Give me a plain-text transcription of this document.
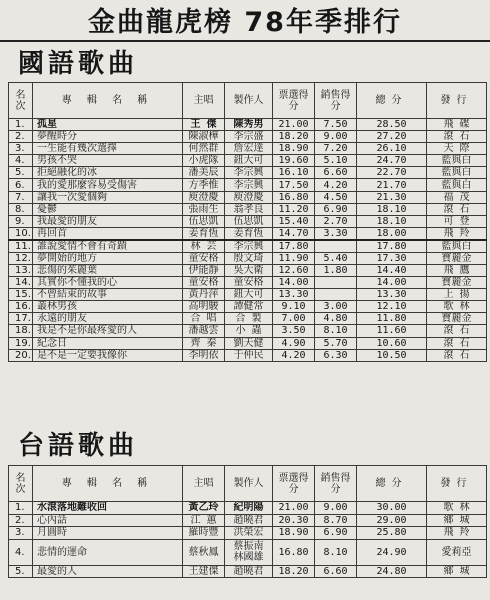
金曲龍虎榜 78年季排行
國語歌曲
名次	專 輯 名 稱	主唱	製作人	票選得分	銷售得分	總分	發行
1.	孤星	王 傑	陳秀男	21.00	7.50	28.50	飛 碟
2.	夢醒時分	陳淑樺	李宗盛	18.20	9.00	27.20	滾 石
3.	一生能有幾次選擇	何然群	詹宏達	18.90	7.20	26.10	天 際
4.	男孩不哭	小虎隊	鈕大可	19.60	5.10	24.70	藍與白
5.	拒絕融化的冰	潘美辰	李宗興	16.10	6.60	22.70	藍與白
6.	我的愛那麼容易受傷害	方季惟	李宗興	17.50	4.20	21.70	藍與白
7.	讓我一次愛個夠	庾澄慶	庾澄慶	16.80	4.50	21.30	福 茂
8.	憂鬱	張雨生	翁孝良	11.20	6.90	18.10	滾 石
9.	我最愛的朋友	伍思凱	伍思凱	15.40	2.70	18.10	可 登
10.	再回首	姜育恆	姜育恆	14.70	3.30	18.00	飛 羚
11.	誰說愛情不會有奇蹟	林 芸	李宗興	17.80		17.80	藍與白
12.	夢開始的地方	童安格	殷文琦	11.90	5.40	17.30	寶麗金
13.	悲傷的茱麗葉	伊能靜	吳大衛	12.60	1.80	14.40	飛 鷹
14.	其實你不懂我的心	童安格	童安格	14.00		14.00	寶麗金
15.	不曾結束的故事	黃丹萍	鈕大可	13.30		13.30	上 揚
16.	叢林男孩	高明駿	譚健常	9.10	3.00	12.10	歌 林
17.	永遠的朋友	合 唱	合 製	7.00	4.80	11.80	寶麗金
18.	我是不是你最疼愛的人	潘越雲	小 蟲	3.50	8.10	11.60	滾 石
19.	紀念日	齊 秦	劉天健	4.90	5.70	10.60	滾 石
20.	是不是一定要我像你	李明依	于仲民	4.20	6.30	10.50	滾 石
台語歌曲
名次	專 輯 名 稱	主唱	製作人	票選得分	銷售得分	總分	發行
1.	水滾落地難收回	黃乙玲	紀明陽	21.00	9.00	30.00	歌 林
2.	心內話	江 蕙	趙曉君	20.30	8.70	29.00	鄉 城
3.	月圓時	羅時豐	洪榮宏	18.90	6.90	25.80	飛 羚
4.	悲情的運命	蔡秋鳳	蔡振南
林國雄	16.80	8.10	24.90	愛莉亞
5.	最愛的人	王建傑	趙曉君	18.20	6.60	24.80	鄉 城
